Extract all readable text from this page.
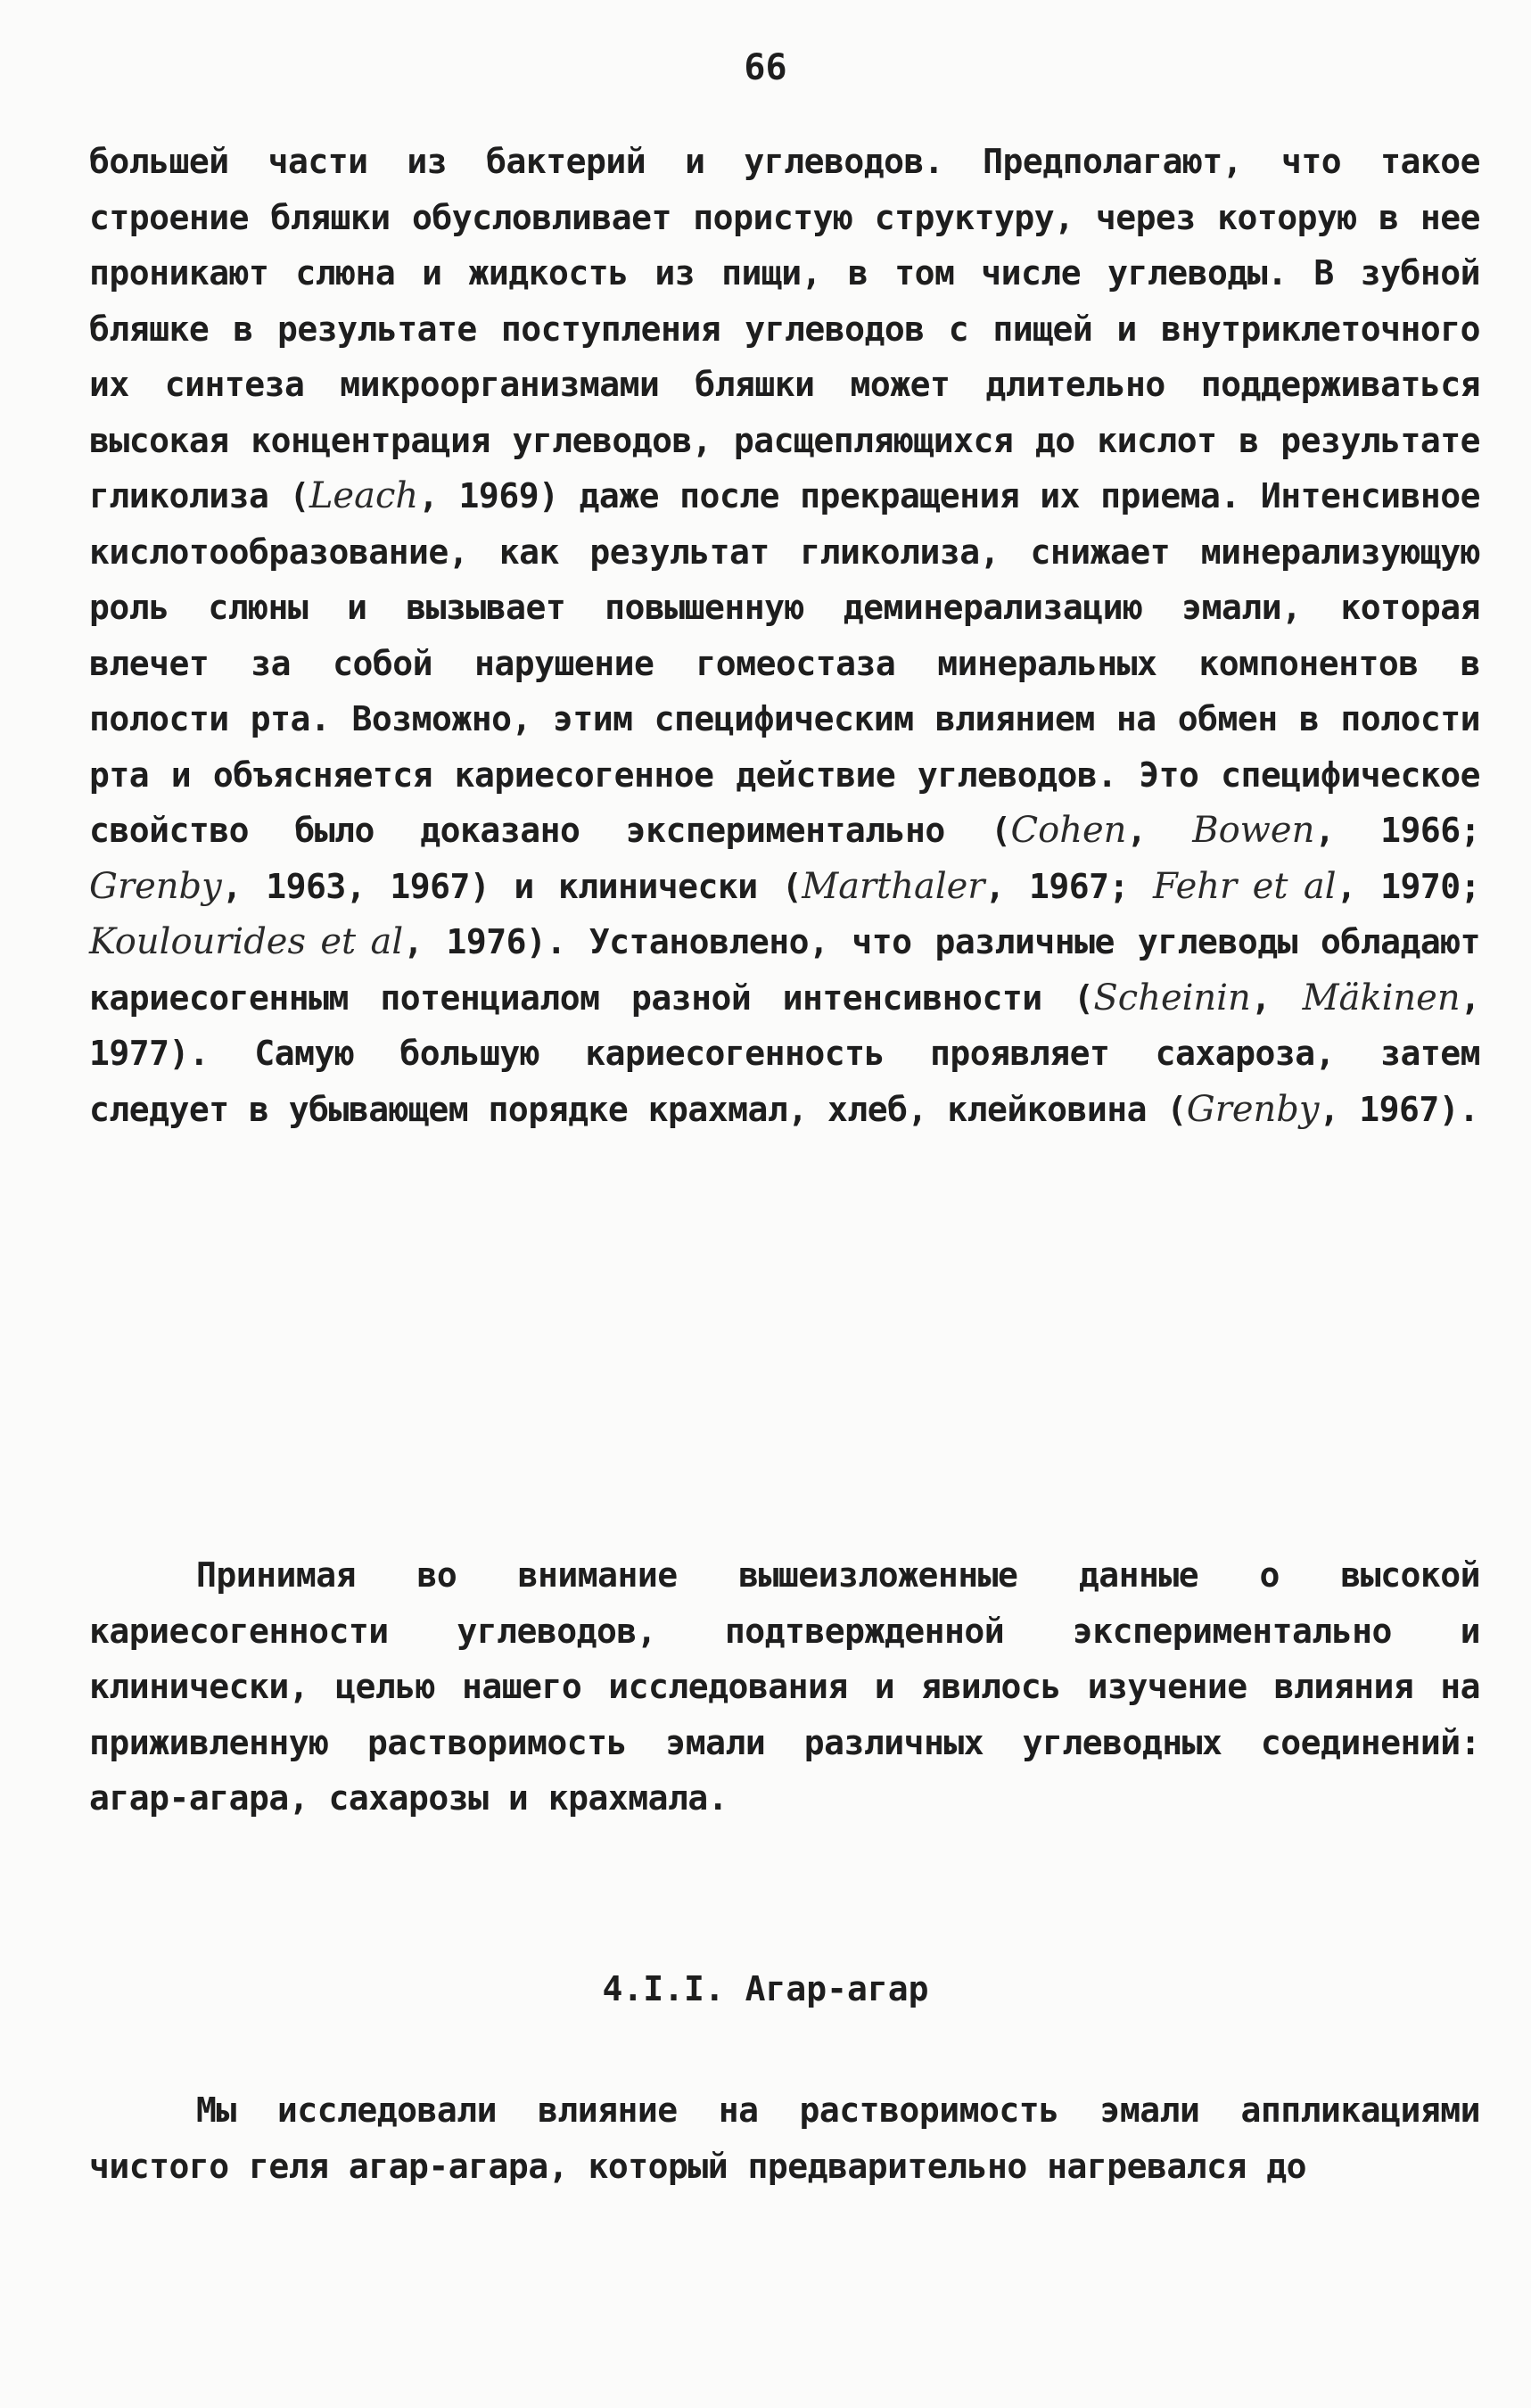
66

большей части из бактерий и углеводов. Предполагают, что такое строение бляшки обусловливает пористую структуру, через которую в нее проникают слюна и жидкость из пищи, в том числе углеводы. В зубной бляшке в результате поступления углеводов с пищей и внутриклеточного их синтеза микроорганизмами бляшки может длительно поддерживаться высокая концентрация углеводов, расщепляющихся до кислот в результате гликолиза (Leach, 1969) даже после прекращения их приема. Интенсивное кислотообразование, как результат гликолиза, снижает минерализующую роль слюны и вызывает повышенную деминерализацию эмали, которая влечет за собой нарушение гомеостаза минеральных компонентов в полости рта. Возможно, этим специфическим влиянием на обмен в полости рта и объясняется кариесогенное действие углеводов. Это специфическое свойство было доказано экспериментально (Cohen, Bowen, 1966; Grenby, 1963, 1967) и клинически (Marthaler, 1967; Fehr et al, 1970; Koulourides et al, 1976). Установлено, что различные углеводы обладают кариесогенным потенциалом разной интенсивности (Scheinin, Mäkinen, 1977). Самую большую кариесогенность проявляет сахароза, затем следует в убывающем порядке крахмал, хлеб, клейковина (Grenby, 1967).

Принимая во внимание вышеизложенные данные о высокой кариесогенности углеводов, подтвержденной экспериментально и клинически, целью нашего исследования и явилось изучение влияния на приживленную растворимость эмали различных углеводных соединений: агар-агара, сахарозы и крахмала.

4.I.I. Агар-агар

Мы исследовали влияние на растворимость эмали аппликациями чистого геля агар-агара, который предварительно нагревался до
